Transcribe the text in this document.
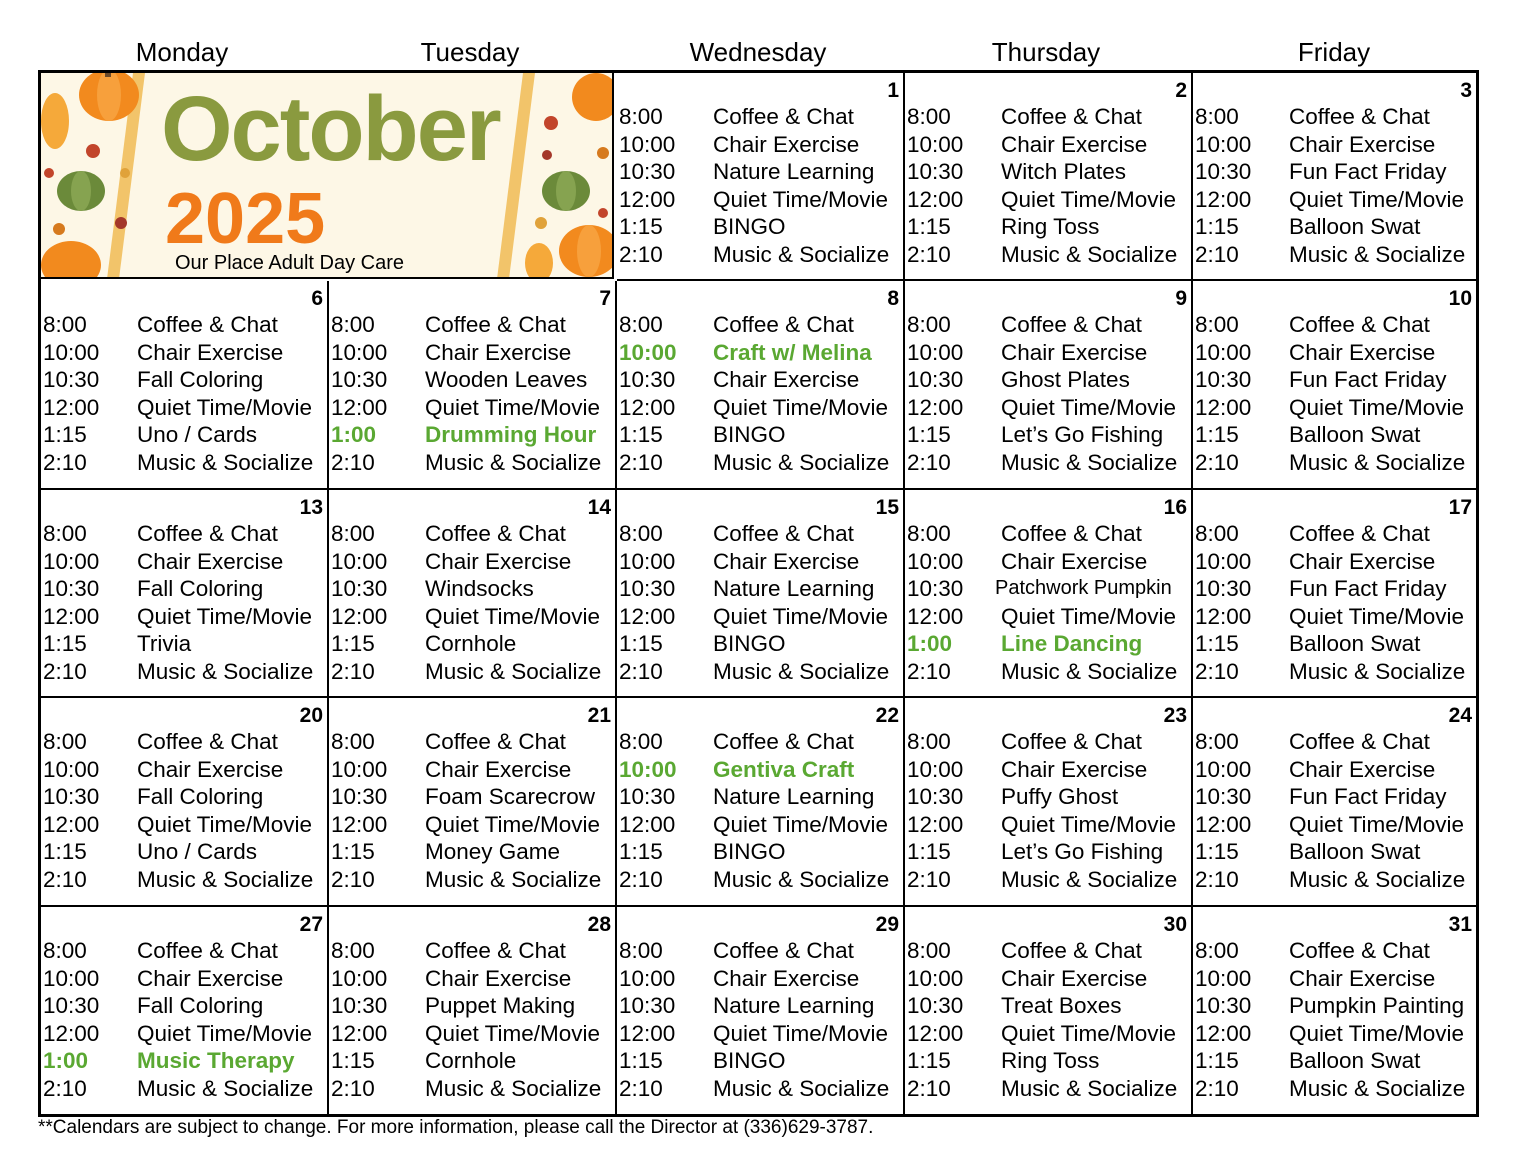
Monday	Tuesday	Wednesday	Thursday	Friday
October
2025
Our Place Adult Day Care
1
8:00 Coffee & Chat
10:00 Chair Exercise
10:30 Nature Learning
12:00 Quiet Time/Movie
1:15 BINGO
2:10 Music & Socialize
2
8:00 Coffee & Chat
10:00 Chair Exercise
10:30 Witch Plates
12:00 Quiet Time/Movie
1:15 Ring Toss
2:10 Music & Socialize
3
8:00 Coffee & Chat
10:00 Chair Exercise
10:30 Fun Fact Friday
12:00 Quiet Time/Movie
1:15 Balloon Swat
2:10 Music & Socialize
6
8:00 Coffee & Chat
10:00 Chair Exercise
10:30 Fall Coloring
12:00 Quiet Time/Movie
1:15 Uno / Cards
2:10 Music & Socialize
7
8:00 Coffee & Chat
10:00 Chair Exercise
10:30 Wooden Leaves
12:00 Quiet Time/Movie
1:00 Drumming Hour
2:10 Music & Socialize
8
8:00 Coffee & Chat
10:00 Craft w/ Melina
10:30 Chair Exercise
12:00 Quiet Time/Movie
1:15 BINGO
2:10 Music & Socialize
9
8:00 Coffee & Chat
10:00 Chair Exercise
10:30 Ghost Plates
12:00 Quiet Time/Movie
1:15 Let’s Go Fishing
2:10 Music & Socialize
10
8:00 Coffee & Chat
10:00 Chair Exercise
10:30 Fun Fact Friday
12:00 Quiet Time/Movie
1:15 Balloon Swat
2:10 Music & Socialize
13
8:00 Coffee & Chat
10:00 Chair Exercise
10:30 Fall Coloring
12:00 Quiet Time/Movie
1:15 Trivia
2:10 Music & Socialize
14
8:00 Coffee & Chat
10:00 Chair Exercise
10:30 Windsocks
12:00 Quiet Time/Movie
1:15 Cornhole
2:10 Music & Socialize
15
8:00 Coffee & Chat
10:00 Chair Exercise
10:30 Nature Learning
12:00 Quiet Time/Movie
1:15 BINGO
2:10 Music & Socialize
16
8:00 Coffee & Chat
10:00 Chair Exercise
10:30 Patchwork Pumpkin
12:00 Quiet Time/Movie
1:00 Line Dancing
2:10 Music & Socialize
17
8:00 Coffee & Chat
10:00 Chair Exercise
10:30 Fun Fact Friday
12:00 Quiet Time/Movie
1:15 Balloon Swat
2:10 Music & Socialize
20
8:00 Coffee & Chat
10:00 Chair Exercise
10:30 Fall Coloring
12:00 Quiet Time/Movie
1:15 Uno / Cards
2:10 Music & Socialize
21
8:00 Coffee & Chat
10:00 Chair Exercise
10:30 Foam Scarecrow
12:00 Quiet Time/Movie
1:15 Money Game
2:10 Music & Socialize
22
8:00 Coffee & Chat
10:00 Gentiva Craft
10:30 Nature Learning
12:00 Quiet Time/Movie
1:15 BINGO
2:10 Music & Socialize
23
8:00 Coffee & Chat
10:00 Chair Exercise
10:30 Puffy Ghost
12:00 Quiet Time/Movie
1:15 Let’s Go Fishing
2:10 Music & Socialize
24
8:00 Coffee & Chat
10:00 Chair Exercise
10:30 Fun Fact Friday
12:00 Quiet Time/Movie
1:15 Balloon Swat
2:10 Music & Socialize
27
8:00 Coffee & Chat
10:00 Chair Exercise
10:30 Fall Coloring
12:00 Quiet Time/Movie
1:00 Music Therapy
2:10 Music & Socialize
28
8:00 Coffee & Chat
10:00 Chair Exercise
10:30 Puppet Making
12:00 Quiet Time/Movie
1:15 Cornhole
2:10 Music & Socialize
29
8:00 Coffee & Chat
10:00 Chair Exercise
10:30 Nature Learning
12:00 Quiet Time/Movie
1:15 BINGO
2:10 Music & Socialize
30
8:00 Coffee & Chat
10:00 Chair Exercise
10:30 Treat Boxes
12:00 Quiet Time/Movie
1:15 Ring Toss
2:10 Music & Socialize
31
8:00 Coffee & Chat
10:00 Chair Exercise
10:30 Pumpkin Painting
12:00 Quiet Time/Movie
1:15 Balloon Swat
2:10 Music & Socialize
**Calendars are subject to change. For more information, please call the Director at (336)629-3787.
